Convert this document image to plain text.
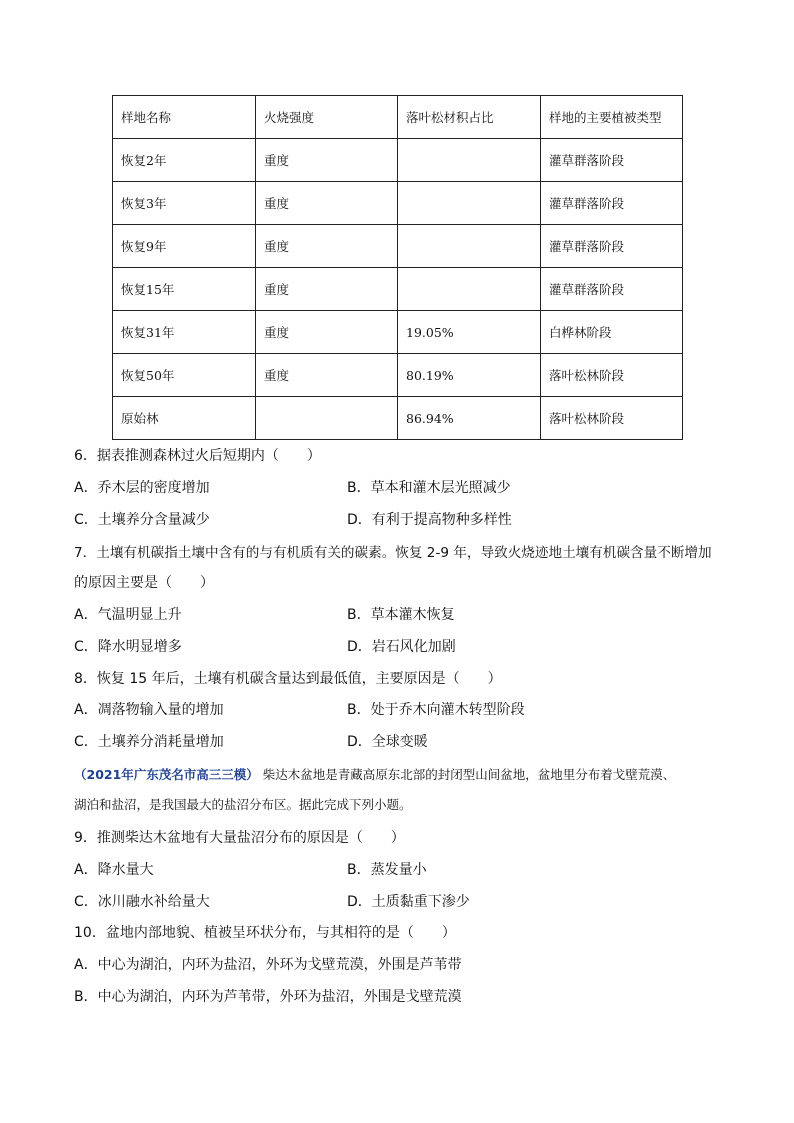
样地名称	火烧强度	落叶松材积占比	样地的主要植被类型
恢复2年	重度		灌草群落阶段
恢复3年	重度		灌草群落阶段
恢复9年	重度		灌草群落阶段
恢复15年	重度		灌草群落阶段
恢复31年	重度	19.05%	白桦林阶段
恢复50年	重度	80.19%	落叶松林阶段
原始林		86.94%	落叶松林阶段
6．据表推测森林过火后短期内（　　）
A．乔木层的密度增加	B．草本和灌木层光照减少
C．土壤养分含量减少	D．有利于提高物种多样性
7．土壤有机碳指土壤中含有的与有机质有关的碳素。恢复 2-9 年，导致火烧迹地土壤有机碳含量不断增加
的原因主要是（　　）
A．气温明显上升	B．草本灌木恢复
C．降水明显增多	D．岩石风化加剧
8．恢复 15 年后，土壤有机碳含量达到最低值，主要原因是（　　）
A．凋落物输入量的增加	B．处于乔木向灌木转型阶段
C．土壤养分消耗量增加	D．全球变暖
（2021年广东茂名市高三三模） 柴达木盆地是青藏高原东北部的封闭型山间盆地，盆地里分布着戈壁荒漠、
湖泊和盐沼，是我国最大的盐沼分布区。据此完成下列小题。
9．推测柴达木盆地有大量盐沼分布的原因是（　　）
A．降水量大	B．蒸发量小
C．冰川融水补给量大	D．土质黏重下渗少
10．盆地内部地貌、植被呈环状分布，与其相符的是（　　）
A．中心为湖泊，内环为盐沼，外环为戈壁荒漠，外围是芦苇带
B．中心为湖泊，内环为芦苇带，外环为盐沼，外围是戈壁荒漠
